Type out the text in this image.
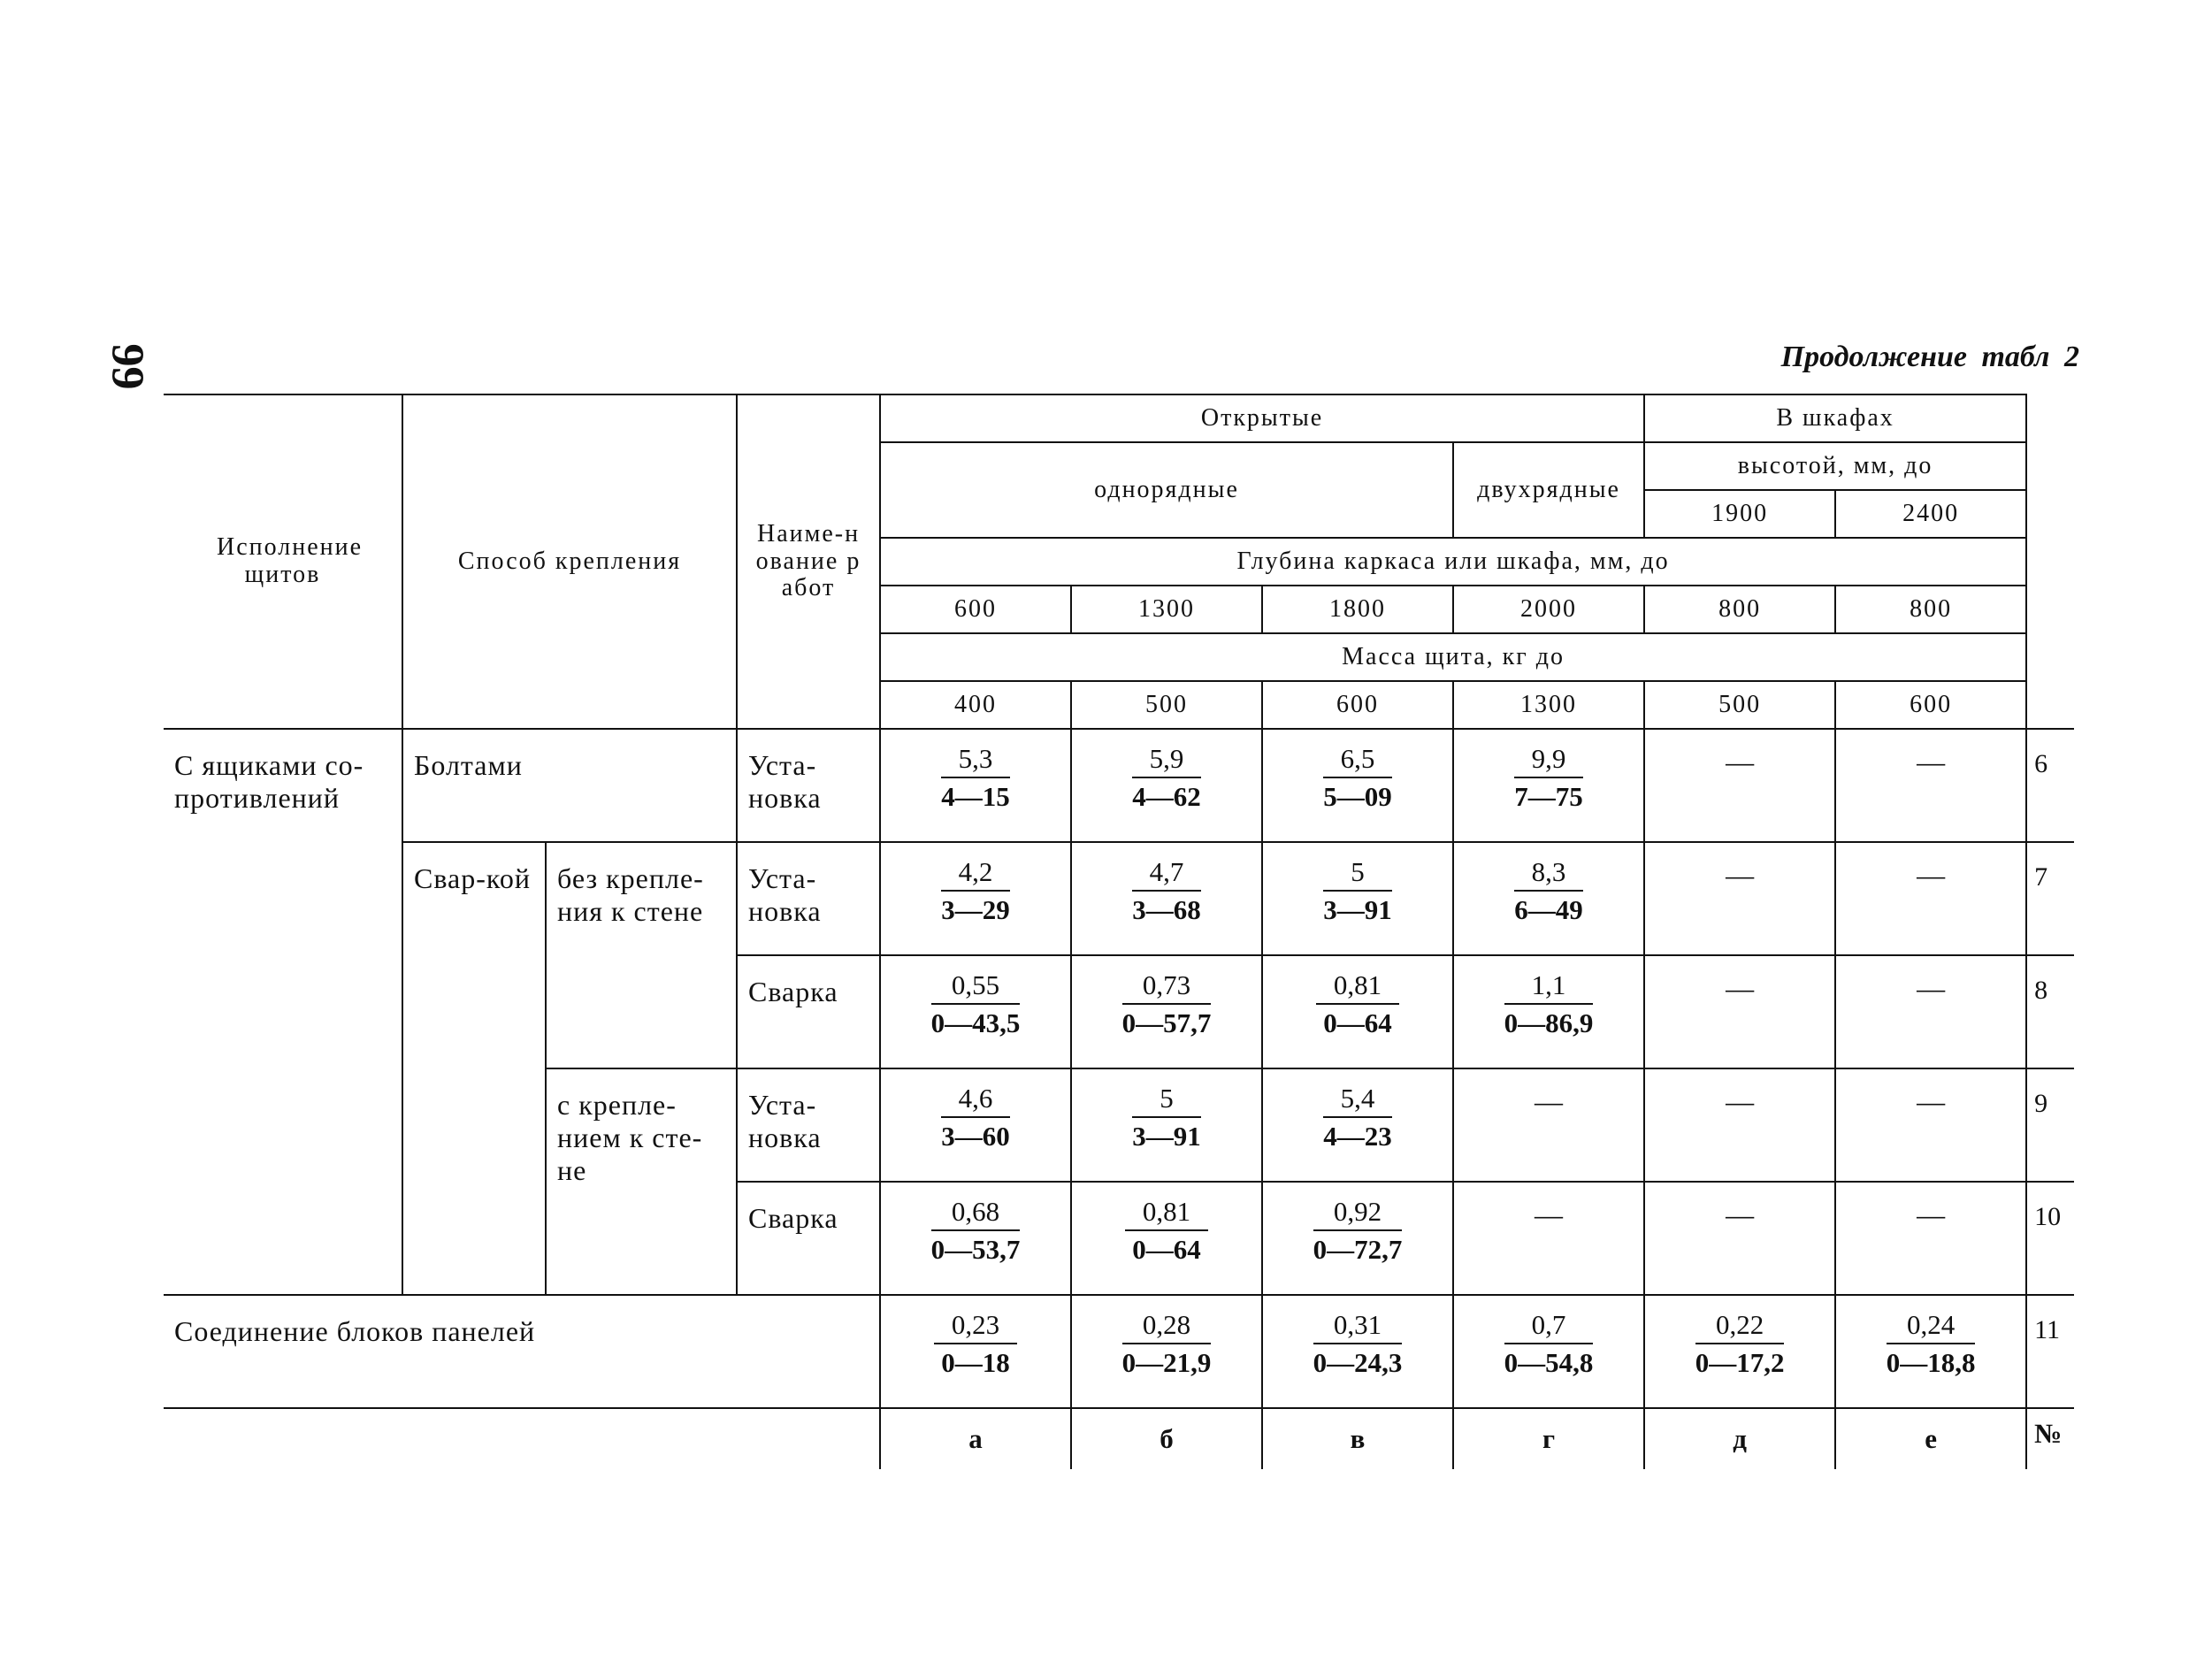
99	Продолжение табл 2
Исполнение щитов	Способ крепления		Наиме-нование работ	Открытые				В шкафах		
				однорядные			двухрядные	высотой, мм, до		
								1900	2400	
				Глубина каркаса или шкафа, мм, до						
				600	1300	1800	2000	800	800	
				Масса щита, кг до						
				400	500	600	1300	500	600	
С ящиками со-противлений	Болтами		Уста-новка	$\frac{5,3}{4—15}$	$\frac{5,9}{4—62}$	$\frac{6,5}{5—09}$	$\frac{9,9}{7—75}$	—	—	6
	Свар-кой	без крепле-ния к стене	Уста-новка	$\frac{4,2}{3—29}$	$\frac{4,7}{3—68}$	$\frac{5}{3—91}$	$\frac{8,3}{6—49}$	—	—	7
			Сварка	$\frac{0,55}{0—43,5}$	$\frac{0,73}{0—57,7}$	$\frac{0,81}{0—64}$	$\frac{1,1}{0—86,9}$	—	—	8
		с крепле-нием к сте-не	Уста-новка	$\frac{4,6}{3—60}$	$\frac{5}{3—91}$	$\frac{5,4}{4—23}$	—	—	—	9
			Сварка	$\frac{0,68}{0—53,7}$	$\frac{0,81}{0—64}$	$\frac{0,92}{0—72,7}$	—	—	—	10
Соединение блоков панелей				$\frac{0,23}{0—18}$	$\frac{0,28}{0—21,9}$	$\frac{0,31}{0—24,3}$	$\frac{0,7}{0—54,8}$	$\frac{0,22}{0—17,2}$	$\frac{0,24}{0—18,8}$	11
				а	б	в	г	д	е	№
